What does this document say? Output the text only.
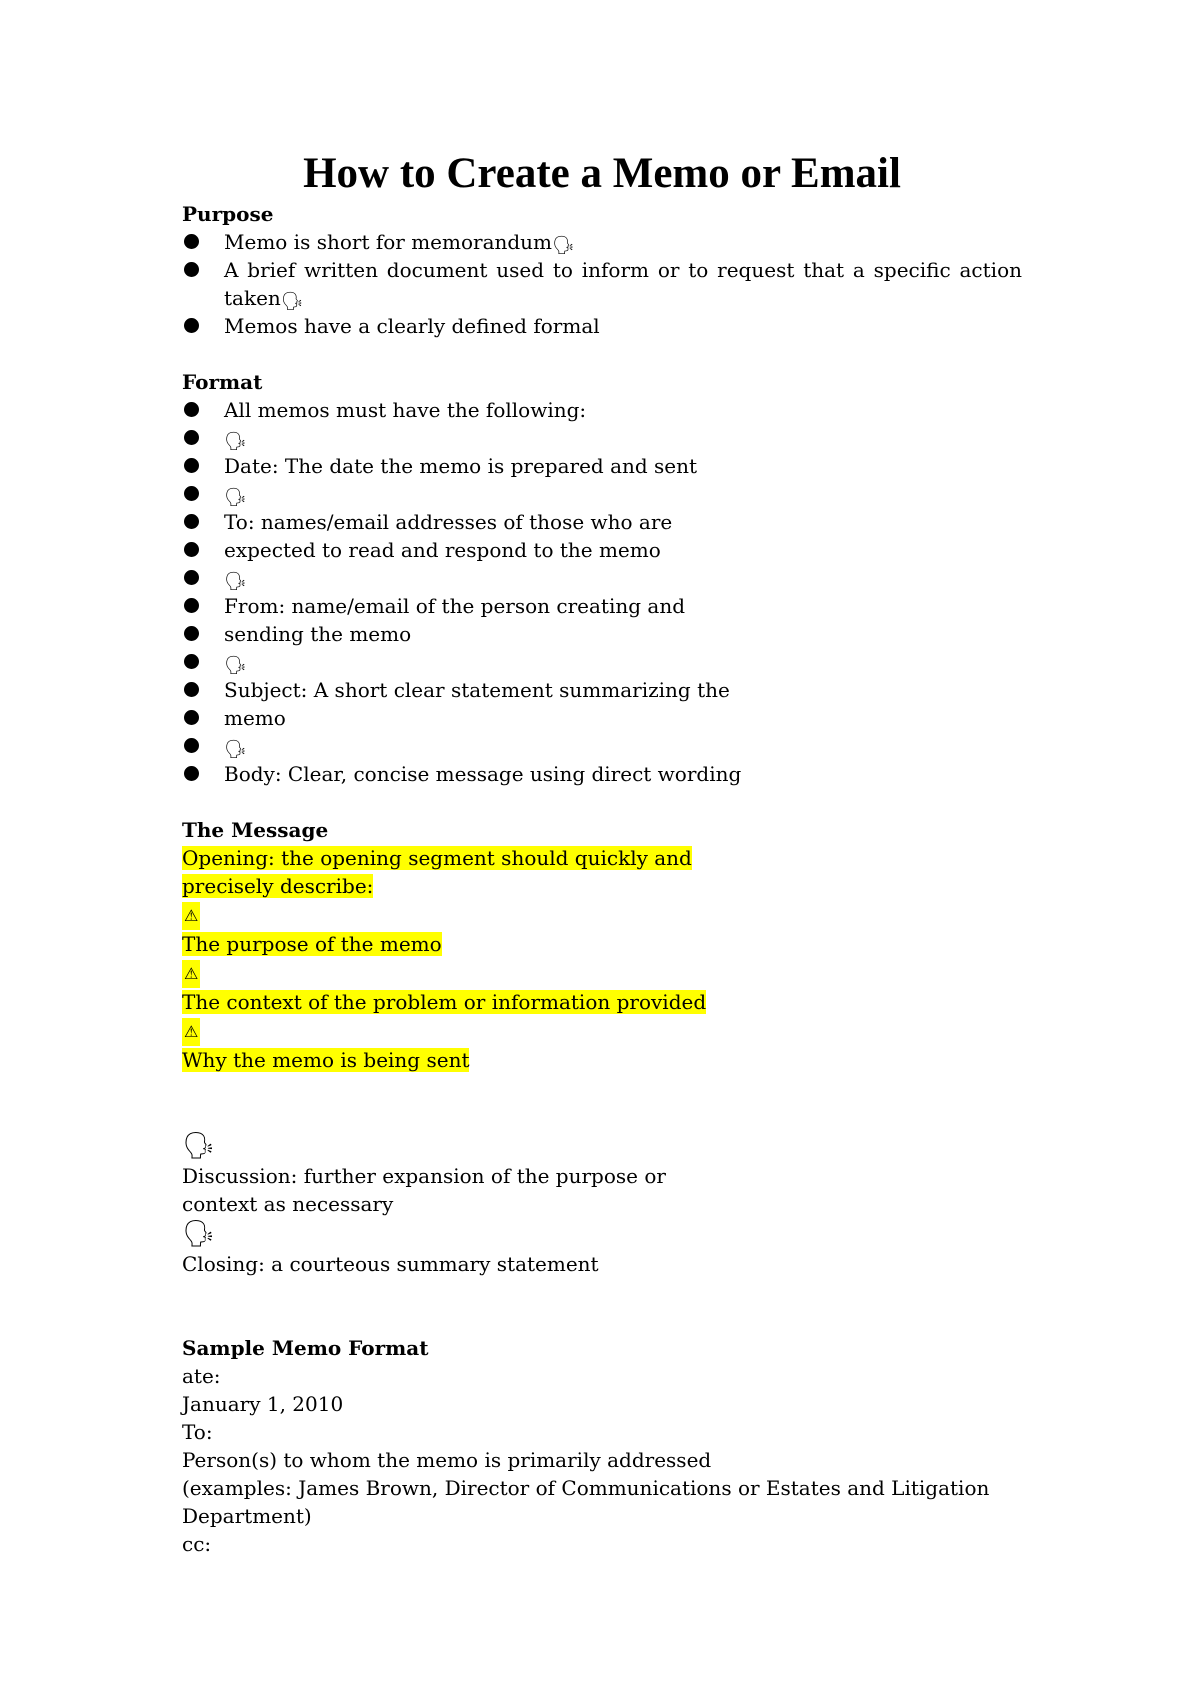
How to Create a Memo or Email
Purpose
Memo is short for memorandum🗣
A brief written document used to inform or to request that a specific action taken🗣
Memos have a clearly defined formal
Format
All memos must have the following:
🗣
Date: The date the memo is prepared and sent
🗣
To: names/email addresses of those who are
expected to read and respond to the memo
🗣
From: name/email of the person creating and
sending the memo
🗣
Subject: A short clear statement summarizing the
memo
🗣
Body: Clear, concise message using direct wording
The Message
Opening: the opening segment should quickly and
precisely describe:
⚠
The purpose of the memo
⚠
The context of the problem or information provided
⚠
Why the memo is being sent
🗣
Discussion: further expansion of the purpose or
context as necessary
🗣
Closing: a courteous summary statement
Sample Memo Format
ate:
January 1, 2010
To:
Person(s) to whom the memo is primarily addressed
(examples: James Brown, Director of Communications or Estates and Litigation
Department)
cc:
